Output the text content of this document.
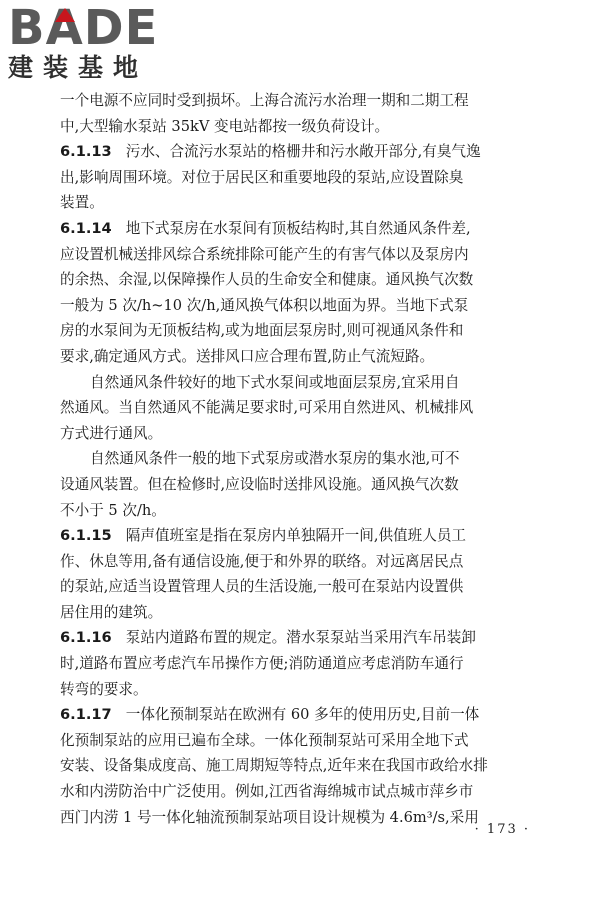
B A DE
建装基地
一个电源不应同时受到损坏。上海合流污水治理一期和二期工程
中,大型输水泵站 35kV 变电站都按一级负荷设计。
6.1.13 污水、合流污水泵站的格栅井和污水敞开部分,有臭气逸
出,影响周围环境。对位于居民区和重要地段的泵站,应设置除臭
装置。
6.1.14 地下式泵房在水泵间有顶板结构时,其自然通风条件差,
应设置机械送排风综合系统排除可能产生的有害气体以及泵房内
的余热、余湿,以保障操作人员的生命安全和健康。通风换气次数
一般为 5 次/h~10 次/h,通风换气体积以地面为界。当地下式泵
房的水泵间为无顶板结构,或为地面层泵房时,则可视通风条件和
要求,确定通风方式。送排风口应合理布置,防止气流短路。
自然通风条件较好的地下式水泵间或地面层泵房,宜采用自
然通风。当自然通风不能满足要求时,可采用自然进风、机械排风
方式进行通风。
自然通风条件一般的地下式泵房或潜水泵房的集水池,可不
设通风装置。但在检修时,应设临时送排风设施。通风换气次数
不小于 5 次/h。
6.1.15 隔声值班室是指在泵房内单独隔开一间,供值班人员工
作、休息等用,备有通信设施,便于和外界的联络。对远离居民点
的泵站,应适当设置管理人员的生活设施,一般可在泵站内设置供
居住用的建筑。
6.1.16 泵站内道路布置的规定。潜水泵泵站当采用汽车吊装卸
时,道路布置应考虑汽车吊操作方便;消防通道应考虑消防车通行
转弯的要求。
6.1.17 一体化预制泵站在欧洲有 60 多年的使用历史,目前一体
化预制泵站的应用已遍布全球。一体化预制泵站可采用全地下式
安装、设备集成度高、施工周期短等特点,近年来在我国市政给水排
水和内涝防治中广泛使用。例如,江西省海绵城市试点城市萍乡市
西门内涝 1 号一体化轴流预制泵站项目设计规模为 4.6m³/s,采用
· 173 ·
